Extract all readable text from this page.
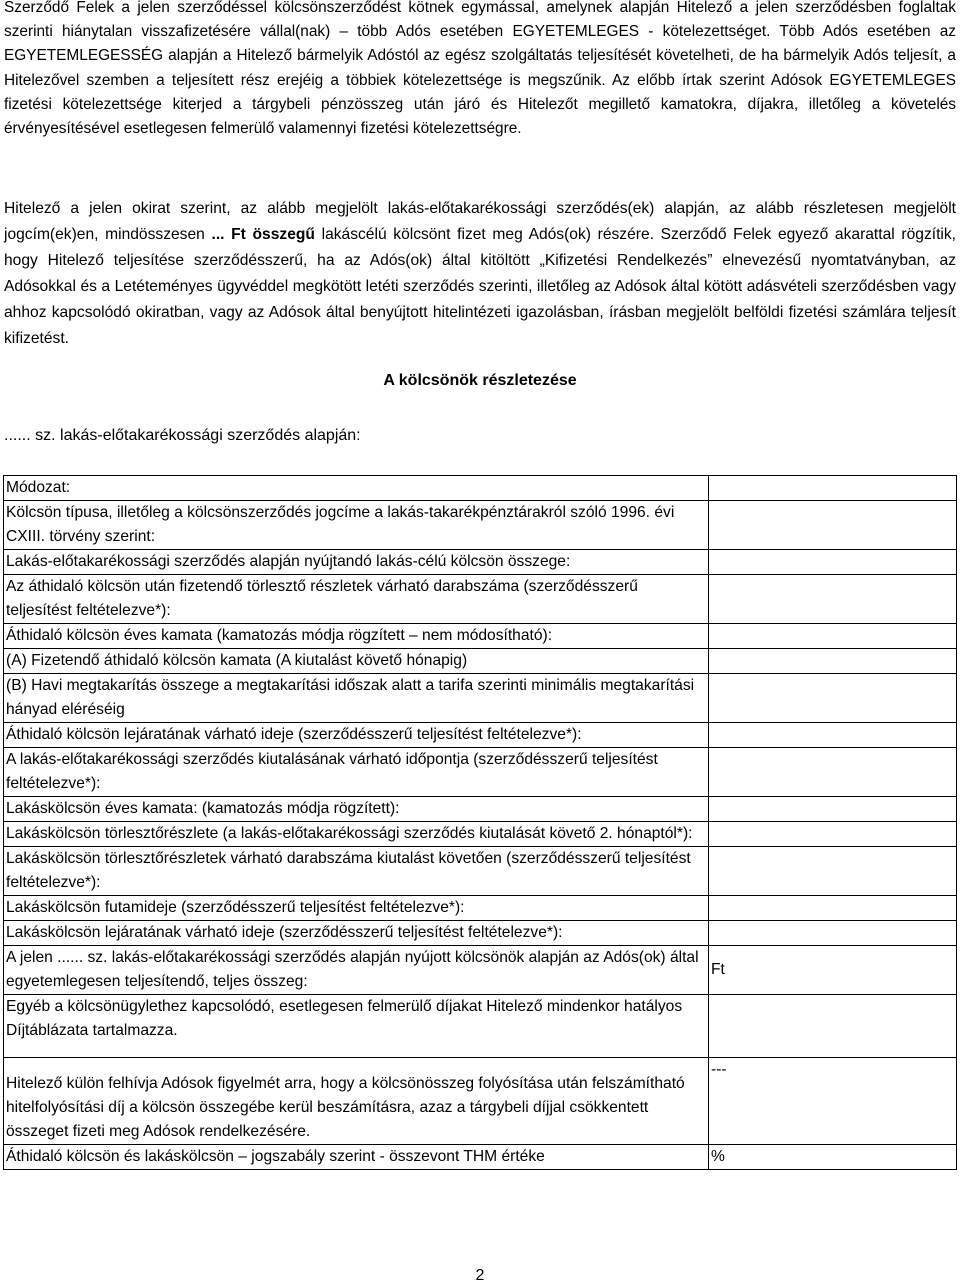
Szerződő Felek a jelen szerződéssel kölcsönszerződést kötnek egymással, amelynek alapján Hitelező a jelen szerződésben foglaltak szerinti hiánytalan visszafizetésére vállal(nak) – több Adós esetében EGYETEMLEGES - kötelezettséget. Több Adós esetében az EGYETEMLEGESSÉG alapján a Hitelező bármelyik Adóstól az egész szolgáltatás teljesítését követelheti, de ha bármelyik Adós teljesít, a Hitelezővel szemben a teljesített rész erejéig a többiek kötelezettsége is megszűnik. Az előbb írtak szerint Adósok EGYETEMLEGES fizetési kötelezettsége kiterjed a tárgybeli pénzösszeg után járó és Hitelezőt megillető kamatokra, díjakra, illetőleg a követelés érvényesítésével esetlegesen felmerülő valamennyi fizetési kötelezettségre.
Hitelező a jelen okirat szerint, az alább megjelölt lakás-előtakarékossági szerződés(ek) alapján, az alább részletesen megjelölt jogcím(ek)en, mindösszesen ... Ft összegű lakáscélú kölcsönt fizet meg Adós(ok) részére. Szerződő Felek egyező akarattal rögzítik, hogy Hitelező teljesítése szerződésszerű, ha az Adós(ok) által kitöltött „Kifizetési Rendelkezés” elnevezésű nyomtatványban, az Adósokkal és a Letéteményes ügyvéddel megkötött letéti szerződés szerinti, illetőleg az Adósok által kötött adásvételi szerződésben vagy ahhoz kapcsolódó okiratban, vagy az Adósok által benyújtott hitelintézeti igazolásban, írásban megjelölt belföldi fizetési számlára teljesít kifizetést.
A kölcsönök részletezése
...... sz. lakás-előtakarékossági szerződés alapján:
Módozat:	
Kölcsön típusa, illetőleg a kölcsönszerződés jogcíme a lakás-takarékpénztárakról szóló 1996. évi CXIII. törvény szerint:	
Lakás-előtakarékossági szerződés alapján nyújtandó lakás-célú kölcsön összege:	
Az áthidaló kölcsön után fizetendő törlesztő részletek várható darabszáma (szerződésszerű teljesítést feltételezve*):	
Áthidaló kölcsön éves kamata (kamatozás módja rögzített – nem módosítható):	
(A) Fizetendő áthidaló kölcsön kamata (A kiutalást követő hónapig)	
(B) Havi megtakarítás összege a megtakarítási időszak alatt a tarifa szerinti minimális megtakarítási hányad eléréséig	
Áthidaló kölcsön lejáratának várható ideje (szerződésszerű teljesítést feltételezve*):	
A lakás-előtakarékossági szerződés kiutalásának várható időpontja (szerződésszerű teljesítést feltételezve*):	
Lakáskölcsön éves kamata: (kamatozás módja rögzített):	
Lakáskölcsön törlesztőrészlete (a lakás-előtakarékossági szerződés kiutalását követő 2. hónaptól*):	
Lakáskölcsön törlesztőrészletek várható darabszáma kiutalást követően (szerződésszerű teljesítést feltételezve*):	
Lakáskölcsön futamideje (szerződésszerű teljesítést feltételezve*):	
Lakáskölcsön lejáratának várható ideje (szerződésszerű teljesítést feltételezve*):	
A jelen ...... sz. lakás-előtakarékossági szerződés alapján nyújott kölcsönök alapján az Adós(ok) által egyetemlegesen teljesítendő, teljes összeg:	Ft
Egyéb a kölcsönügylethez kapcsolódó, esetlegesen felmerülő díjakat Hitelező mindenkor hatályos Díjtáblázata tartalmazza.	
Hitelező külön felhívja Adósok figyelmét arra, hogy a kölcsönösszeg folyósítása után felszámítható hitelfolyósítási díj a kölcsön összegébe kerül beszámításra, azaz a tárgybeli díjjal csökkentett összeget fizeti meg Adósok rendelkezésére.	---
Áthidaló kölcsön és lakáskölcsön – jogszabály szerint - összevont THM értéke	%
2
